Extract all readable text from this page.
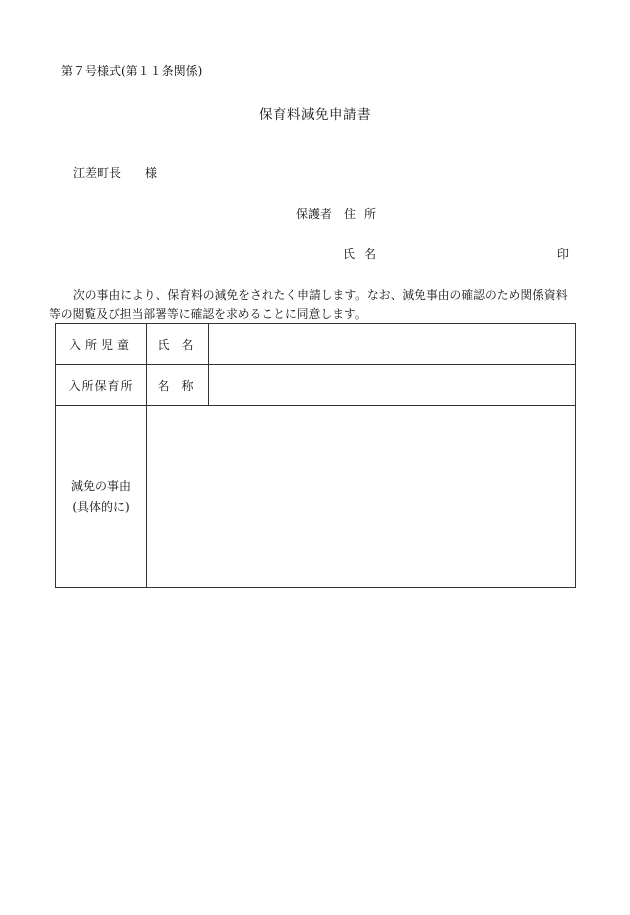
第７号様式(第１１条関係)
保育料減免申請書
江差町長 様
保護者 住所
氏名	印
次の事由により、保育料の減免をされたく申請します。なお、減免事由の確認のため関係資料
等の閲覧及び担当部署等に確認を求めることに同意します。
入所児童	氏名	
入所保育所	名称	

減免の事由
(具体的に)		
